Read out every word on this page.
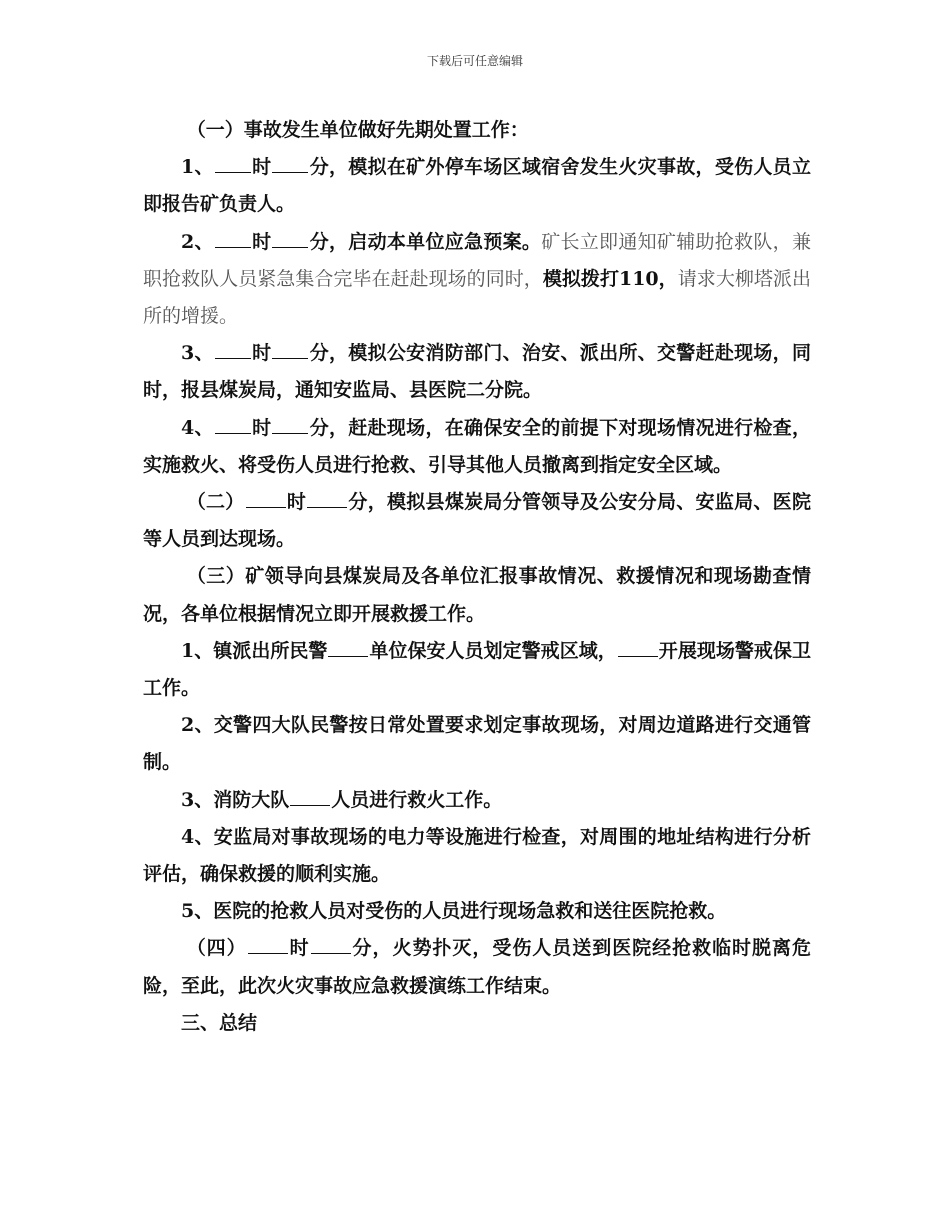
下载后可任意编辑

（一）事故发生单位做好先期处置工作：

1、 时 分，模拟在矿外停车场区域宿舍发生火灾事故，受伤人员立即报告矿负责人。

2、 时 分，启动本单位应急预案。矿长立即通知矿辅助抢救队，兼职抢救队人员紧急集合完毕在赶赴现场的同时，模拟拨打110，请求大柳塔派出所的增援。

3、 时 分，模拟公安消防部门、治安、派出所、交警赶赴现场，同时，报县煤炭局，通知安监局、县医院二分院。

4、 时 分，赶赴现场，在确保安全的前提下对现场情况进行检查，实施救火、将受伤人员进行抢救、引导其他人员撤离到指定安全区域。

（二） 时 分，模拟县煤炭局分管领导及公安分局、安监局、医院等人员到达现场。

（三）矿领导向县煤炭局及各单位汇报事故情况、救援情况和现场勘查情况，各单位根据情况立即开展救援工作。

1、镇派出所民警 单位保安人员划定警戒区域， 开展现场警戒保卫工作。

2、交警四大队民警按日常处置要求划定事故现场，对周边道路进行交通管制。

3、消防大队 人员进行救火工作。

4、安监局对事故现场的电力等设施进行检查，对周围的地址结构进行分析评估，确保救援的顺利实施。

5、医院的抢救人员对受伤的人员进行现场急救和送往医院抢救。

（四） 时 分，火势扑灭，受伤人员送到医院经抢救临时脱离危险，至此，此次火灾事故应急救援演练工作结束。

三、总结
